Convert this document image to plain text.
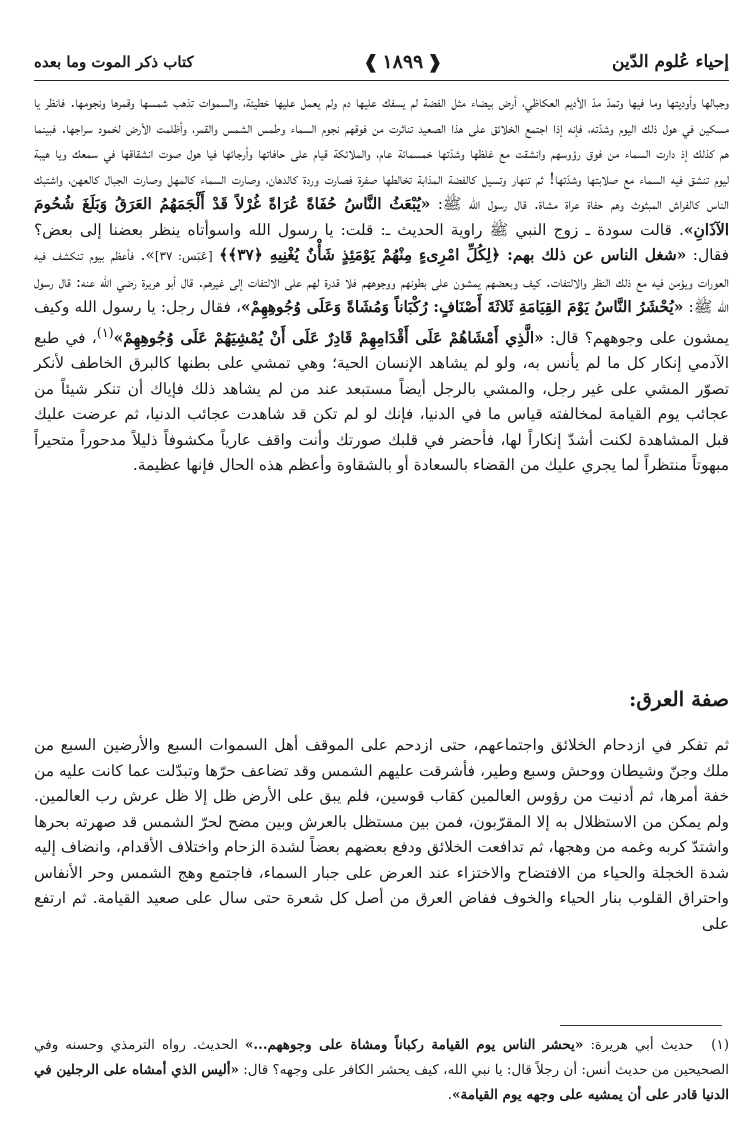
إحياء عُلوم الدّين
❰
١٨٩٩
❱
كتاب ذكر الموت وما بعده

وجبالها وأوديتها وما فيها وتمدّ مدّ الأديم العكاظي، أرض بيضاء مثل الفضة لم يسفك عليها دم ولم يعمل عليها خطيئة، والسموات تذهب شمسها وقمرها ونجومها. فانظر يا مسكين في هول ذلك اليوم وشدّته، فإنه إذا اجتمع الخلائق على هذا الصعيد تناثرت من فوقهم نجوم السماء وطمس الشمس والقمر، وأظلمت الأرض لخمود سراجها. فبينما هم كذلك إذ دارت السماء من فوق رؤوسهم وانشقت مع غلظها وشدّتها خمسمائة عام، والملائكة قيام على حافاتها وأرجائها فيا هول صوت انشقاقها في سمعك ويا هيبة ليوم تنشق فيه السماء مع صلابتها وشدّتها! ثم تنهار وتسيل كالفضة المذابة تخالطها صفرة فصارت وردة كالدهان، وصارت السماء كالمهل وصارت الجبال كالعهن، واشتبك الناس كالفراش المبثوث وهم حفاة عراة مشاة. قال رسول الله ﷺ: «يُبْعَثُ النَّاسُ حُفَاةً عُرَاةً غُرْلاً قَدْ أَلْجَمَهُمُ العَرَقُ وَبَلَغَ شُحُومَ الآذَانِ». قالت سودة ـ زوج النبي ﷺ راوية الحديث ـ: قلت: يا رسول الله واسوأتاه ينظر بعضنا إلى بعض؟ فقال: «شغل الناس عن ذلك بهم: ﴿لِكُلِّ امْرِىءٍ مِنْهُمْ يَوْمَئِذٍ شَأْنٌ يُغْنِيهِ ﴿٣٧﴾﴾ [عَبَس: ٣٧]». فأعظم بيوم تنكشف فيه العورات ويؤمن فيه مع ذلك النظر والالتفات. كيف وبعضهم يمشون على بطونهم ووجوههم فلا قدرة لهم على الالتفات إلى غيرهم. قال أبو هريرة رضي الله عنه: قال رسول الله ﷺ: «يُحْشَرُ النَّاسُ يَوْمَ القِيَامَةِ ثَلاثَةَ أَصْنَافٍ: رُكْبَاناً وَمُشَاةً وَعَلَى وُجُوهِهِمْ»، فقال رجل: يا رسول الله وكيف يمشون على وجوههم؟ قال: «الَّذِي أَمْشَاهُمْ عَلَى أَقْدَامِهِمْ قَادِرٌ عَلَى أَنْ يُمْشِيَهُمْ عَلَى وُجُوهِهِمْ»$^{(١)}$، في طبع الآدمي إنكار كل ما لم يأنس به، ولو لم يشاهد الإنسان الحية؛ وهي تمشي على بطنها كالبرق الخاطف لأنكر تصوّر المشي على غير رجل، والمشي بالرجل أيضاً مستبعد عند من لم يشاهد ذلك فإياك أن تنكر شيئاً من عجائب يوم القيامة لمخالفته قياس ما في الدنيا، فإنك لو لم تكن قد شاهدت عجائب الدنيا، ثم عرضت عليك قبل المشاهدة لكنت أشدّ إنكاراً لها، فأحضر في قلبك صورتك وأنت واقف عارياً مكشوفاً ذليلاً مدحوراً متحيراً مبهوتاً منتظراً لما يجري عليك من القضاء بالسعادة أو بالشقاوة وأعظم هذه الحال فإنها عظيمة.

صفة العرق:

ثم تفكر في ازدحام الخلائق واجتماعهم، حتى ازدحم على الموقف أهل السموات السبع والأرضين السبع من ملك وجنّ وشيطان ووحش وسبع وطير، فأشرقت عليهم الشمس وقد تضاعف حرّها وتبدّلت عما كانت عليه من خفة أمرها، ثم أدنيت من رؤوس العالمين كقاب قوسين، فلم يبق على الأرض ظل إلا ظل عرش رب العالمين. ولم يمكن من الاستظلال به إلا المقرّبون، فمن بين مستظل بالعرش وبين مضح لحرّ الشمس قد صهرته بحرها واشتدّ كربه وغمه من وهجها، ثم تدافعت الخلائق ودفع بعضهم بعضاً لشدة الزحام واختلاف الأقدام، وانضاف إليه شدة الخجلة والحياء من الافتضاح والاختزاء عند العرض على جبار السماء، فاجتمع وهج الشمس وحر الأنفاس واحتراق القلوب بنار الحياء والخوف ففاض العرق من أصل كل شعرة حتى سال على صعيد القيامة. ثم ارتفع على

(١)حديث أبي هريرة: «يحشر الناس يوم القيامة ركباناً ومشاة على وجوههم...» الحديث. رواه الترمذي وحسنه وفي الصحيحين من حديث أنس: أن رجلاً قال: يا نبي الله، كيف يحشر الكافر على وجهه؟ قال: «أليس الذي أمشاه على الرجلين في الدنيا قادر على أن يمشيه على وجهه يوم القيامة».
